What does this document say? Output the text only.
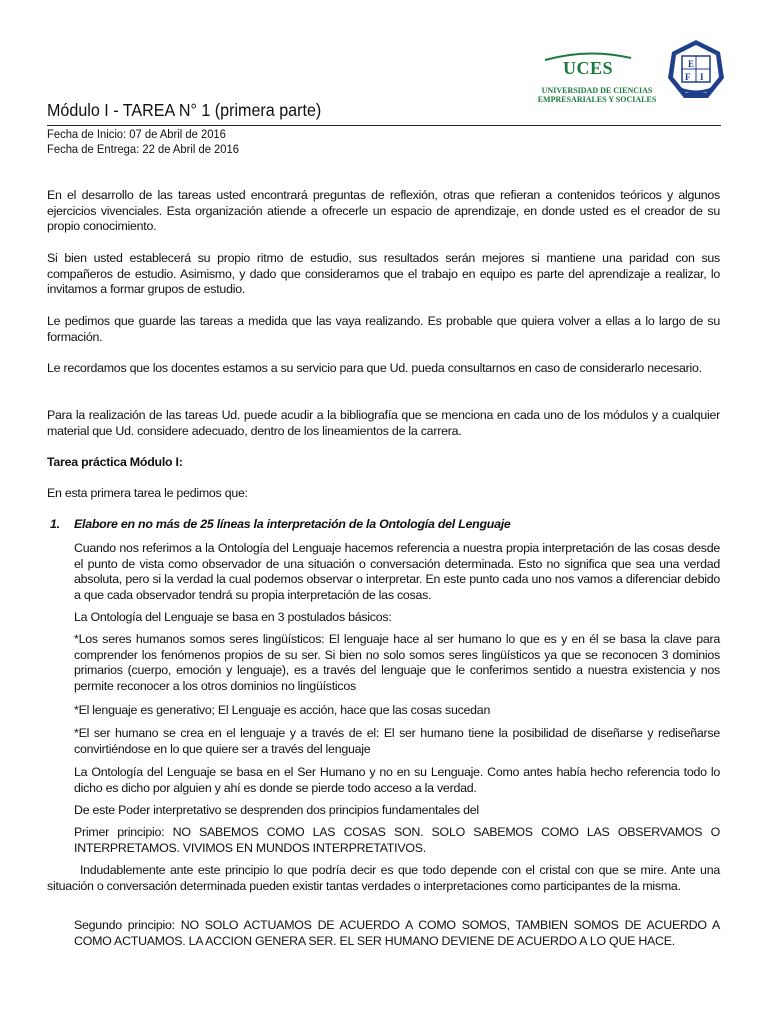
UCES
UNIVERSIDAD DE CIENCIAS
EMPRESARIALES Y SOCIALES
E
F I
Módulo I - TAREA N° 1 (primera parte)
Fecha de Inicio: 07 de Abril de 2016
Fecha de Entrega: 22 de Abril de 2016
En el desarrollo de las tareas usted encontrará preguntas de reflexión, otras que refieran a contenidos teóricos y algunos ejercicios vivenciales. Esta organización atiende a ofrecerle un espacio de aprendizaje, en donde usted es el creador de su propio conocimiento.
Si bien usted establecerá su propio ritmo de estudio, sus resultados serán mejores si mantiene una paridad con sus compañeros de estudio. Asimismo, y dado que consideramos que el trabajo en equipo es parte del aprendizaje a realizar, lo invitamos a formar grupos de estudio.
Le pedimos que guarde las tareas a medida que las vaya realizando. Es probable que quiera volver a ellas a lo largo de su formación.
Le recordamos que los docentes estamos a su servicio para que Ud. pueda consultarnos en caso de considerarlo necesario.
Para la realización de las tareas Ud. puede acudir a la bibliografía que se menciona en cada uno de los módulos y a cualquier material que Ud. considere adecuado, dentro de los lineamientos de la carrera.
Tarea práctica Módulo I:
En esta primera tarea le pedimos que:
1. Elabore en no más de 25 líneas la interpretación de la Ontología del Lenguaje
Cuando nos referimos a la Ontología del Lenguaje hacemos referencia a nuestra propia interpretación de las cosas desde el punto de vista como observador de una situación o conversación determinada. Esto no significa que sea una verdad absoluta, pero si la verdad la cual podemos observar o interpretar. En este punto cada uno nos vamos a diferenciar debido a que cada observador tendrá su propia interpretación de las cosas.
La Ontología del Lenguaje se basa en 3 postulados básicos:
*Los seres humanos somos seres lingüísticos: El lenguaje hace al ser humano lo que es y en él se basa la clave para comprender los fenómenos propios de su ser. Si bien no solo somos seres lingüísticos ya que se reconocen 3 dominios primarios (cuerpo, emoción y lenguaje), es a través del lenguaje que le conferimos sentido a nuestra existencia y nos permite reconocer a los otros dominios no lingüísticos
*El lenguaje es generativo; El Lenguaje es acción, hace que las cosas sucedan
*El ser humano se crea en el lenguaje y a través de el: El ser humano tiene la posibilidad de diseñarse y rediseñarse convirtiéndose en lo que quiere ser a través del lenguaje
La Ontología del Lenguaje se basa en el Ser Humano y no en su Lenguaje. Como antes había hecho referencia todo lo dicho es dicho por alguien y ahí es donde se pierde todo acceso a la verdad.
De este Poder interpretativo se desprenden dos principios fundamentales del
Primer principio: NO SABEMOS COMO LAS COSAS SON. SOLO SABEMOS COMO LAS OBSERVAMOS O INTERPRETAMOS. VIVIMOS EN MUNDOS INTERPRETATIVOS.
Indudablemente ante este principio lo que podría decir es que todo depende con el cristal con que se mire. Ante una situación o conversación determinada pueden existir tantas verdades o interpretaciones como participantes de la misma.
Segundo principio: NO SOLO ACTUAMOS DE ACUERDO A COMO SOMOS, TAMBIEN SOMOS DE ACUERDO A COMO ACTUAMOS. LA ACCION GENERA SER. EL SER HUMANO DEVIENE DE ACUERDO A LO QUE HACE.
